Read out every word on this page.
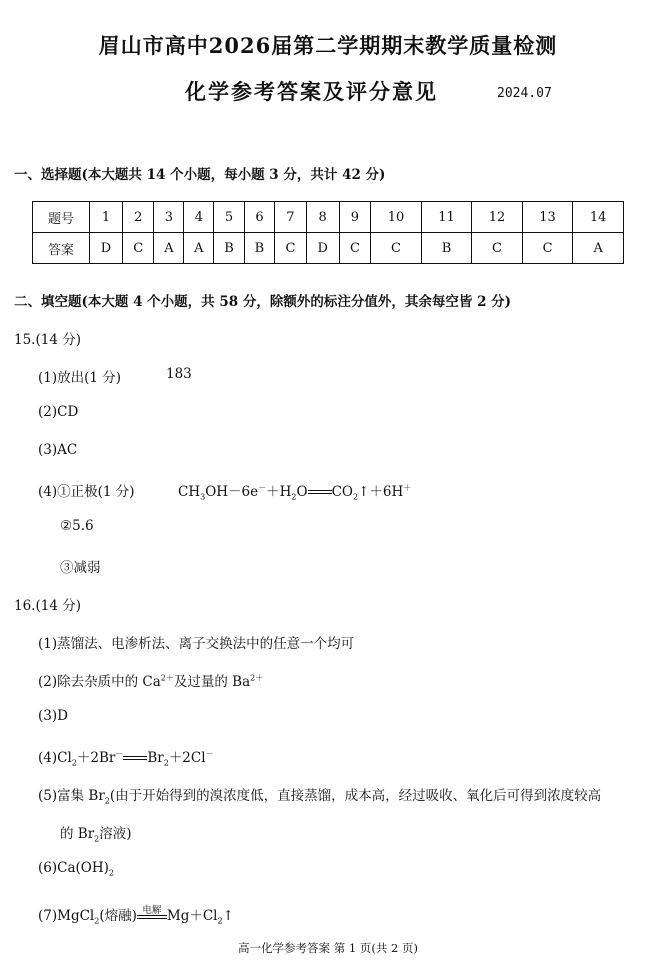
眉山市高中2026届第二学期期末教学质量检测
化学参考答案及评分意见	2024.07
一、选择题(本大题共 14 个小题，每小题 3 分，共计 42 分)
题号	1	2	3	4	5	6	7	8	9	10	11	12	13	14
答案	D	C	A	A	B	B	C	D	C	C	B	C	C	A
二、填空题(本大题 4 个小题，共 58 分，除额外的标注分值外，其余每空皆 2 分)
15.(14 分)
(1)放出(1 分)	183
(2)CD
(3)AC
(4)①正极(1 分)	$CH_3OH-6e^-+H_2O$ $CO_2↑+6H^+$
②5.6
③减弱
16.(14 分)
(1)蒸馏法、电渗析法、离子交换法中的任意一个均可
(2)除去杂质中的 $Ca^{2+}$及过量的 $Ba^{2+}$
(3)D
$(4)Cl_2+2Br^-$ $Br_2+2Cl^-$
(5)富集 $Br_2$(由于开始得到的溴浓度低，直接蒸馏，成本高，经过吸收、氧化后可得到浓度较高
的 $Br_2$溶液)
$(6)Ca(OH)_2$
(7)MgCl$_2$(熔融) 电解 $Mg+Cl_2↑$
高一化学参考答案 第 1 页(共 2 页)
